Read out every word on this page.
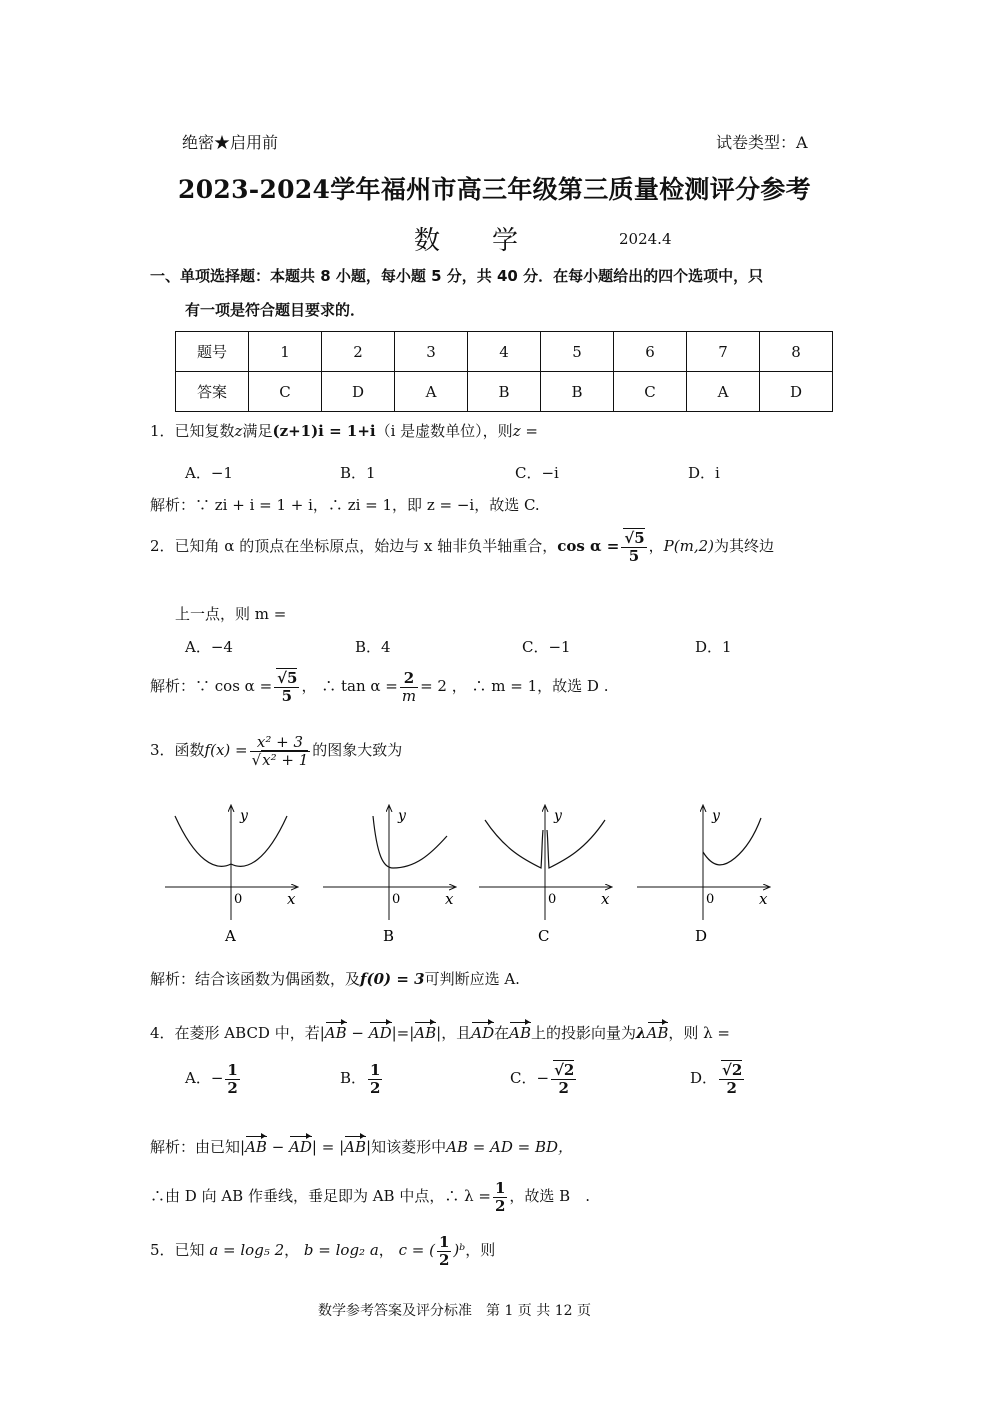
绝密★启用前	试卷类型：A
2023-2024学年福州市高三年级第三质量检测评分参考
数　　学	2024.4
一、单项选择题：本题共 8 小题，每小题 5 分，共 40 分．在每小题给出的四个选项中，只
有一项是符合题目要求的．
题号	1	2	3	4	5	6	7	8
答案	C	D	A	B	B	C	A	D
1．已知复数z满足(z+1)i = 1+i（i 是虚数单位），则z =
A．−1	B．1	C．−i	D．i
解析：∵ zi + i = 1 + i，∴ zi = 1，即 z = −i，故选 C.
2．已知角 α 的顶点在坐标原点，始边与 x 轴非负半轴重合，$\cos \alpha = \frac{√5}{5}$ ，P(m,2)为其终边
上一点，则 m =
A．−4	B．4	C．−1	D．1
解析：∵ $\cos \alpha = \frac{√5}{5}$ ， ∴ $\tan \alpha = \frac{2}{m} = 2$ ， ∴ m = 1，故选 D .
3．函数$f(x) = \frac{\text{x² + 3}}{\text{√x² + 1}}$ 的图象大致为
y
x
0
A
y
x
0
B
y
x
0
C
y
x
0
D
解析：结合该函数为偶函数，及f(0) = 3可判断应选 A.
4．在菱形 ABCD 中，若|AB − AD|=|AB|，且AD在AB上的投影向量为λAB，则 λ =
A．− $\frac{1}{2}$	B． $\frac{1}{2}$	C．− $\frac{√2}{2}$	D． $\frac{√2}{2}$
解析：由已知|AB − AD| = |AB|知该菱形中AB = AD = BD，
∴由 D 向 AB 作垂线，垂足即为 AB 中点，∴ $\lambda = \frac{1}{2}$ ，故选 B　.
5．已知 a = log₅ 2， b = log₂ a， c = ( $\frac{1}{2}$ )ᵇ，则
数学参考答案及评分标准　第 1 页 共 12 页
